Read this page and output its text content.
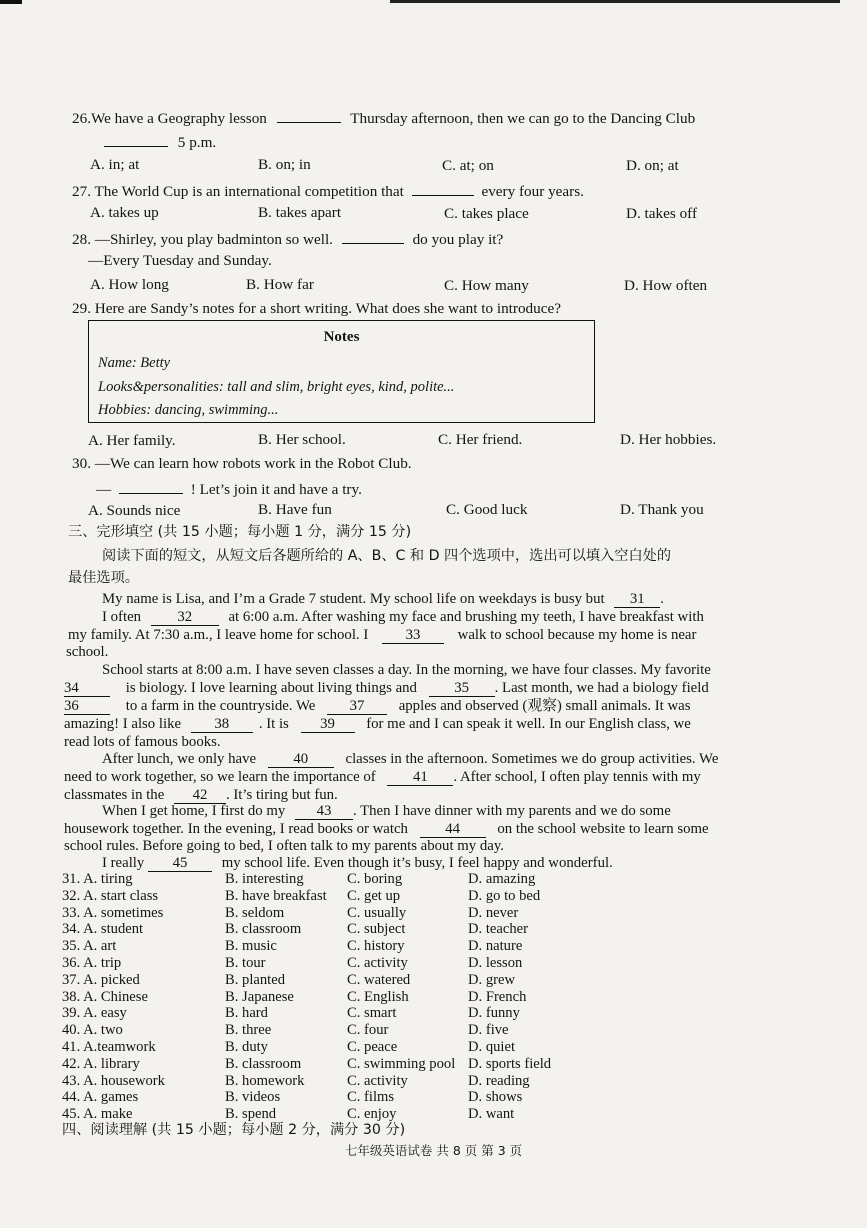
26.We have a Geography lesson	Thursday afternoon, then we can go to the Dancing Club
5 p.m.
A. in; at	B. on; in	C. at; on	D. on; at
27. The World Cup is an international competition that	every four years.
A. takes up	B. takes apart	C. takes place	D. takes off
28. —Shirley, you play badminton so well.	do you play it?
—Every Tuesday and Sunday.
A. How long	B. How far	C. How many	D. How often
29. Here are Sandy’s notes for a short writing. What does she want to introduce?
Notes
Name: Betty
Looks&personalities: tall and slim, bright eyes, kind, polite...
Hobbies: dancing, swimming...
A. Her family.	B. Her school.	C. Her friend.	D. Her hobbies.
30. —We can learn how robots work in the Robot Club.
—	! Let’s join it and have a try.
A. Sounds nice	B. Have fun	C. Good luck	D. Thank you
三、完形填空 (共 15 小题；每小题 1 分，满分 15 分)
阅读下面的短文，从短文后各题所给的 A、B、C 和 D 四个选项中，选出可以填入空白处的
最佳选项。
My name is Lisa, and I’m a Grade 7 student. My school life on weekdays is busy but 31 .
I often 32 at 6:00 a.m. After washing my face and brushing my teeth, I have breakfast with
my family. At 7:30 a.m., I leave home for school. I	33	walk to school because my home is near
school.
School starts at 8:00 a.m. I have seven classes a day. In the morning, we have four classes. My favorite
34	is biology. I love learning about living things and	35 . Last month, we had a biology field
36	to a farm in the countryside. We 37 apples and observed (观察) small animals. It was
amazing! I also like 38 . It is 39 for me and I can speak it well. In our English class, we
read lots of famous books.
After lunch, we only have	40	classes in the afternoon. Sometimes we do group activities. We
need to work together, so we learn the importance of	41 . After school, I often play tennis with my
classmates in the 42 . It’s tiring but fun.
When I get home, I first do my 43 . Then I have dinner with my parents and we do some
housework together. In the evening, I read books or watch	44	on the school website to learn some
school rules. Before going to bed, I often talk to my parents about my day.
I really 45 my school life. Even though it’s busy, I feel happy and wonderful.
31. A. tiring	B. interesting	C. boring	D. amazing
32. A. start class	B. have breakfast C. get up	D. go to bed
33. A. sometimes	B. seldom	C. usually	D. never
34. A. student	B. classroom	C. subject	D. teacher
35. A. art	B. music	C. history	D. nature
36. A. trip	B. tour	C. activity	D. lesson
37. A. picked	B. planted	C. watered	D. grew
38. A. Chinese	B. Japanese	C. English	D. French
39. A. easy	B. hard	C. smart	D. funny
40. A. two	B. three	C. four	D. five
41. A.teamwork	B. duty	C. peace	D. quiet
42. A. library	B. classroom	C. swimming pool D. sports field
43. A. housework	B. homework	C. activity	D. reading
44. A. games	B. videos	C. films	D. shows
45. A. make	B. spend	C. enjoy	D. want
四、阅读理解 (共 15 小题；每小题 2 分，满分 30 分)
七年级英语试卷 共 8 页 第 3 页
